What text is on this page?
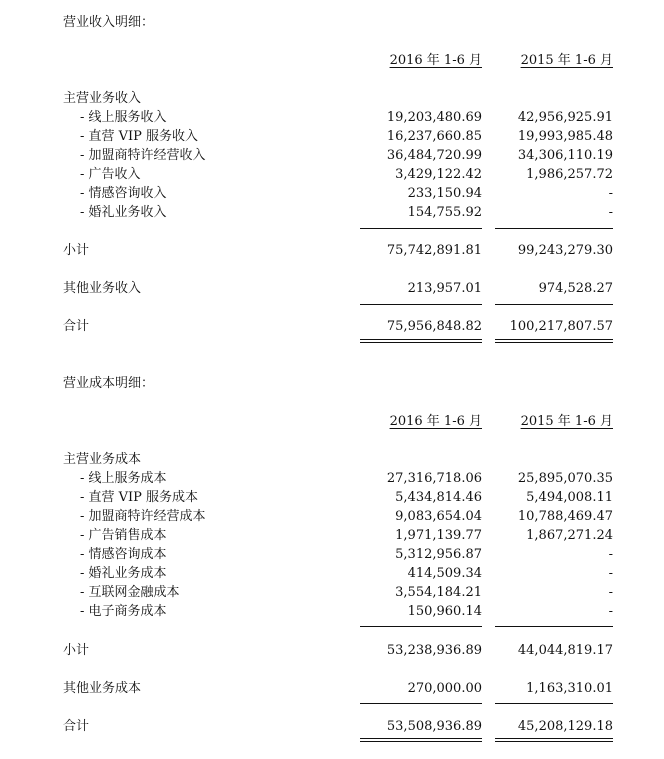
营业收入明细：
2016 年 1-6 月	2015 年 1-6 月
主营业务收入
- 线上服务收入	19,203,480.69	42,956,925.91
- 直营 VIP 服务收入	16,237,660.85	19,993,985.48
- 加盟商特许经营收入	36,484,720.99	34,306,110.19
- 广告收入	3,429,122.42	1,986,257.72
- 情感咨询收入	233,150.94	-
- 婚礼业务收入	154,755.92	-
小计	75,742,891.81	99,243,279.30
其他业务收入	213,957.01	974,528.27
合计	75,956,848.82	100,217,807.57
营业成本明细：
2016 年 1-6 月	2015 年 1-6 月
主营业务成本
- 线上服务成本	27,316,718.06	25,895,070.35
- 直营 VIP 服务成本	5,434,814.46	5,494,008.11
- 加盟商特许经营成本	9,083,654.04	10,788,469.47
- 广告销售成本	1,971,139.77	1,867,271.24
- 情感咨询成本	5,312,956.87	-
- 婚礼业务成本	414,509.34	-
- 互联网金融成本	3,554,184.21	-
- 电子商务成本	150,960.14	-
小计	53,238,936.89	44,044,819.17
其他业务成本	270,000.00	1,163,310.01
合计	53,508,936.89	45,208,129.18
